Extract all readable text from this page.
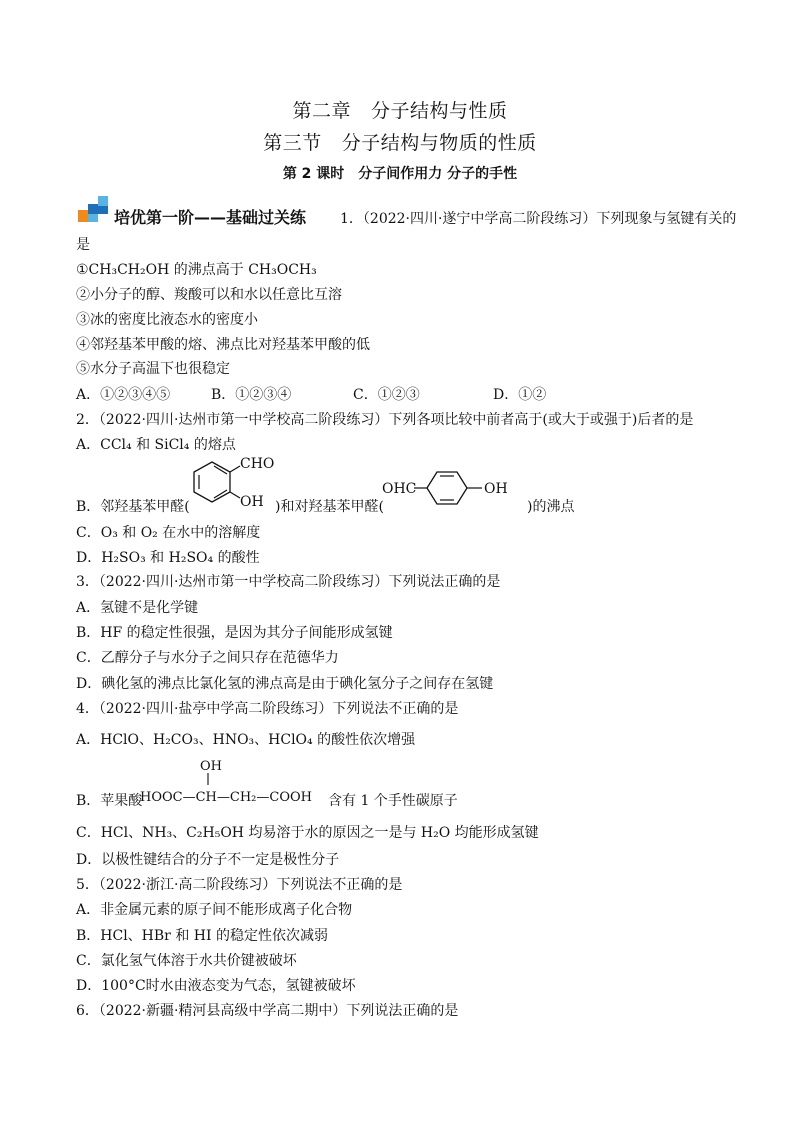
第二章 分子结构与性质
第三节 分子结构与物质的性质
第 2 课时　分子间作用力 分子的手性
培优第一阶——基础过关练 1．（2022·四川·遂宁中学高二阶段练习）下列现象与氢键有关的
是
①CH₃CH₂OH 的沸点高于 CH₃OCH₃
②小分子的醇、羧酸可以和水以任意比互溶
③冰的密度比液态水的密度小
④邻羟基苯甲酸的熔、沸点比对羟基苯甲酸的低
⑤水分子高温下也很稳定
A．①②③④⑤	B．①②③④	C．①②③	D．①②
2．（2022·四川·达州市第一中学校高二阶段练习）下列各项比较中前者高于(或大于或强于)后者的是
A．CCl₄ 和 SiCl₄ 的熔点
B．邻羟基苯甲醛(
CHO
OH )和对羟基苯甲醛(
OHC	OH
)的沸点
C．O₃ 和 O₂ 在水中的溶解度
D．H₂SO₃ 和 H₂SO₄ 的酸性
3．（2022·四川·达州市第一中学校高二阶段练习）下列说法正确的是
A．氢键不是化学键
B．HF 的稳定性很强，是因为其分子间能形成氢键
C．乙醇分子与水分子之间只存在范德华力
D．碘化氢的沸点比氯化氢的沸点高是由于碘化氢分子之间存在氢键
4．（2022·四川·盐亭中学高二阶段练习）下列说法不正确的是
A．HClO、H₂CO₃、HNO₃、HClO₄ 的酸性依次增强
B．苹果酸
OH
HOOC—CH—CH₂—COOH 含有 1 个手性碳原子
C．HCl、NH₃、C₂H₅OH 均易溶于水的原因之一是与 H₂O 均能形成氢键
D．以极性键结合的分子不一定是极性分子
5．（2022·浙江·高二阶段练习）下列说法不正确的是
A．非金属元素的原子间不能形成离子化合物
B．HCl、HBr 和 HI 的稳定性依次减弱
C．氯化氢气体溶于水共价键被破坏
D．100°C时水由液态变为气态，氢键被破坏
6．（2022·新疆·精河县高级中学高二期中）下列说法正确的是
